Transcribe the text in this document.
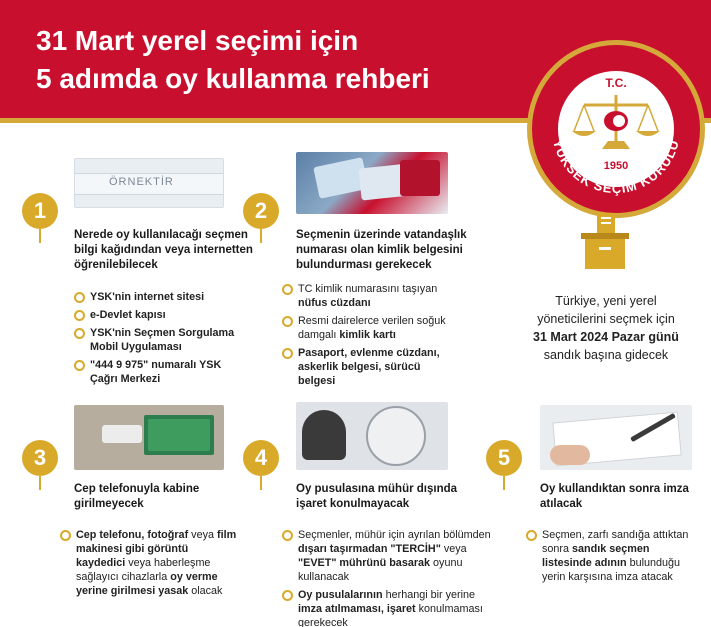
31 Mart yerel seçimi için
5 adımda oy kullanma rehberi	T.C.
1950
YÜKSEK SEÇİM KURULU
1
ÖRNEKTİR
Nerede oy kullanılacağı seçmen bilgi kağıdından veya internetten öğrenilebilecek
YSK'nin internet sitesi
e-Devlet kapısı
YSK'nin Seçmen Sorgulama Mobil Uygulaması
"444 9 975" numaralı YSK Çağrı Merkezi
2
Seçmenin üzerinde vatandaşlık numarası olan kimlik belgesini bulundurması gerekecek
TC kimlik numarasını taşıyan nüfus cüzdanı
Resmi dairelerce verilen soğuk damgalı kimlik kartı
Pasaport, evlenme cüzdanı, askerlik belgesi, sürücü belgesi
Türkiye, yeni yerel yöneticilerini seçmek için
31 Mart 2024 Pazar günü
sandık başına gidecek
3
Cep telefonuyla kabine girilmeyecek
Cep telefonu, fotoğraf veya film makinesi gibi görüntü kaydedici veya haberleşme sağlayıcı cihazlarla oy verme yerine girilmesi yasak olacak
4
Oy pusulasına mühür dışında işaret konulmayacak
Seçmenler, mühür için ayrılan bölümden dışarı taşırmadan "TERCİH" veya "EVET" mührünü basarak oyunu kullanacak
Oy pusulalarının herhangi bir yerine imza atılmaması, işaret konulmaması gerekecek
5
Oy kullandıktan sonra imza atılacak
Seçmen, zarfı sandığa attıktan sonra sandık seçmen listesinde adının bulunduğu yerin karşısına imza atacak
